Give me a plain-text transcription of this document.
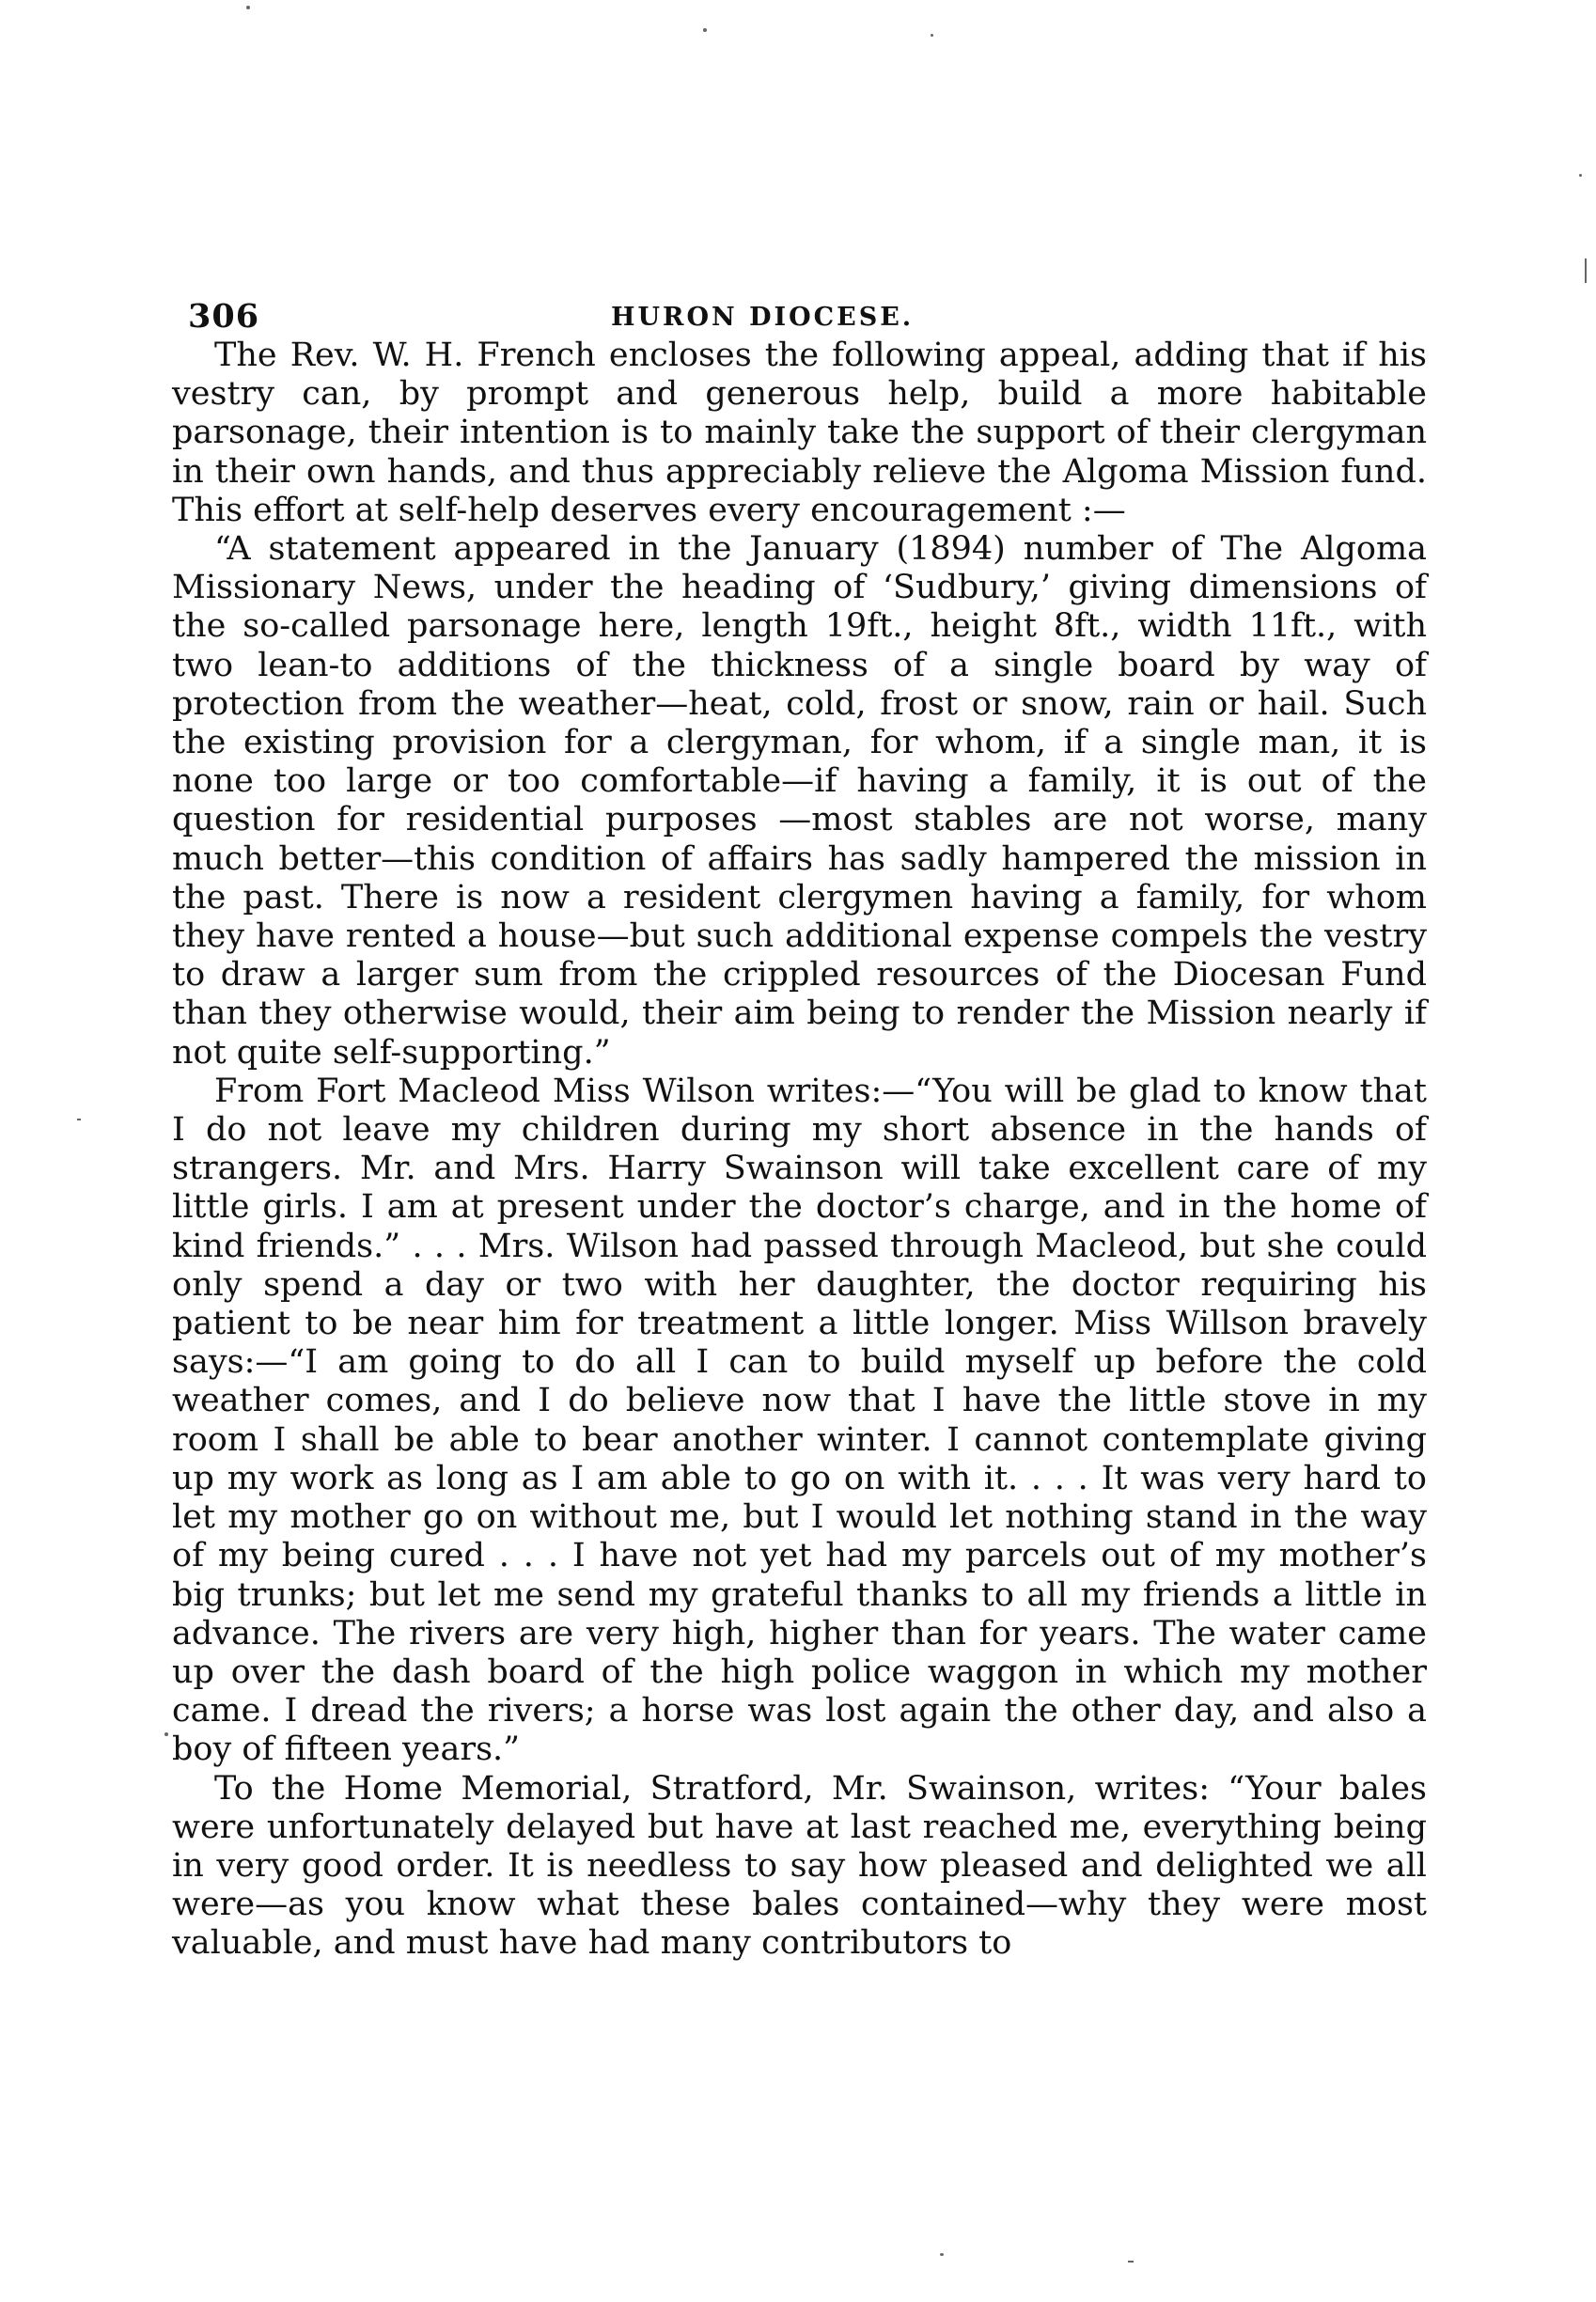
306	HURON DIOCESE.

The Rev. W. H. French encloses the following appeal, adding that if his vestry can, by prompt and generous help, build a more habitable parsonage, their intention is to mainly take the support of their clergyman in their own hands, and thus appreciably relieve the Algoma Mission fund. This effort at self-help deserves every encouragement :—

“A statement appeared in the January (1894) number of The Algoma Missionary News, under the heading of ‘Sudbury,’ giving dimensions of the so-called parsonage here, length 19ft., height 8ft., width 11ft., with two lean-to additions of the thickness of a single board by way of protection from the weather—heat, cold, frost or snow, rain or hail. Such the existing provision for a clergyman, for whom, if a single man, it is none too large or too comfortable—if having a family, it is out of the question for residential purposes —most stables are not worse, many much better—this condition of affairs has sadly hampered the mission in the past. There is now a resident clergymen having a family, for whom they have rented a house—but such additional expense compels the vestry to draw a larger sum from the crippled resources of the Diocesan Fund than they otherwise would, their aim being to render the Mission nearly if not quite self-supporting.”

From Fort Macleod Miss Wilson writes:—“You will be glad to know that I do not leave my children during my short absence in the hands of strangers. Mr. and Mrs. Harry Swainson will take excellent care of my little girls. I am at present under the doctor’s charge, and in the home of kind friends.” . . . Mrs. Wilson had passed through Macleod, but she could only spend a day or two with her daughter, the doctor requiring his patient to be near him for treatment a little longer. Miss Willson bravely says:—“I am going to do all I can to build myself up before the cold weather comes, and I do believe now that I have the little stove in my room I shall be able to bear another winter. I cannot contemplate giving up my work as long as I am able to go on with it. . . . It was very hard to let my mother go on without me, but I would let nothing stand in the way of my being cured . . . I have not yet had my parcels out of my mother’s big trunks; but let me send my grateful thanks to all my friends a little in advance. The rivers are very high, higher than for years. The water came up over the dash board of the high police waggon in which my mother came. I dread the rivers; a horse was lost again the other day, and also a boy of fifteen years.”

To the Home Memorial, Stratford, Mr. Swainson, writes: “Your bales were unfortunately delayed but have at last reached me, everything being in very good order. It is needless to say how pleased and delighted we all were—as you know what these bales contained—why they were most valuable, and must have had many contributors to
